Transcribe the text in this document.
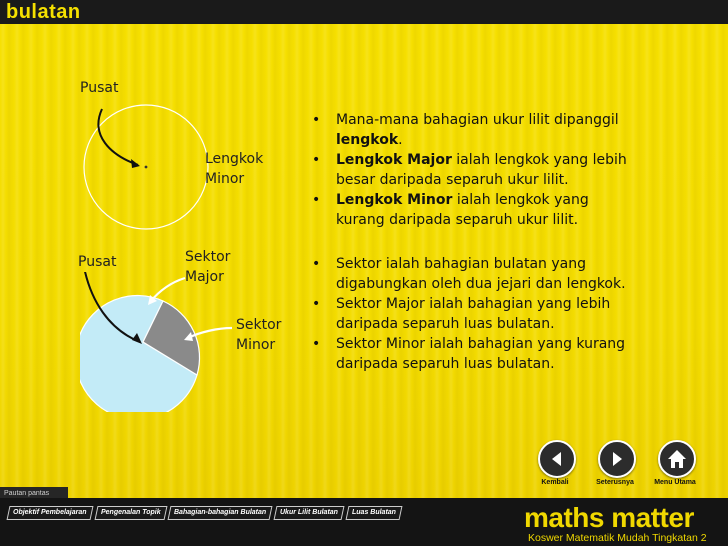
bulatan
Pusat
Lengkok
Minor
Pusat	Sektor
Major
Sektor
Minor
• Mana-mana bahagian ukur lilit dipanggil
lengkok.
• Lengkok Major ialah lengkok yang lebih
besar daripada separuh ukur lilit.
• Lengkok Minor ialah lengkok yang
kurang daripada separuh ukur lilit.
• Sektor ialah bahagian bulatan yang
digabungkan oleh dua jejari dan lengkok.
• Sektor Major ialah bahagian yang lebih
daripada separuh luas bulatan.
• Sektor Minor ialah bahagian yang kurang
daripada separuh luas bulatan.
Kembali	Seterusnya	Menu Utama
Pautan pantas
Objektif Pembelajaran	Pengenalan Topik	Bahagian-bahagian Bulatan	Ukur Lilit Bulatan	Luas Bulatan	maths matter
Koswer Matematik Mudah Tingkatan 2
